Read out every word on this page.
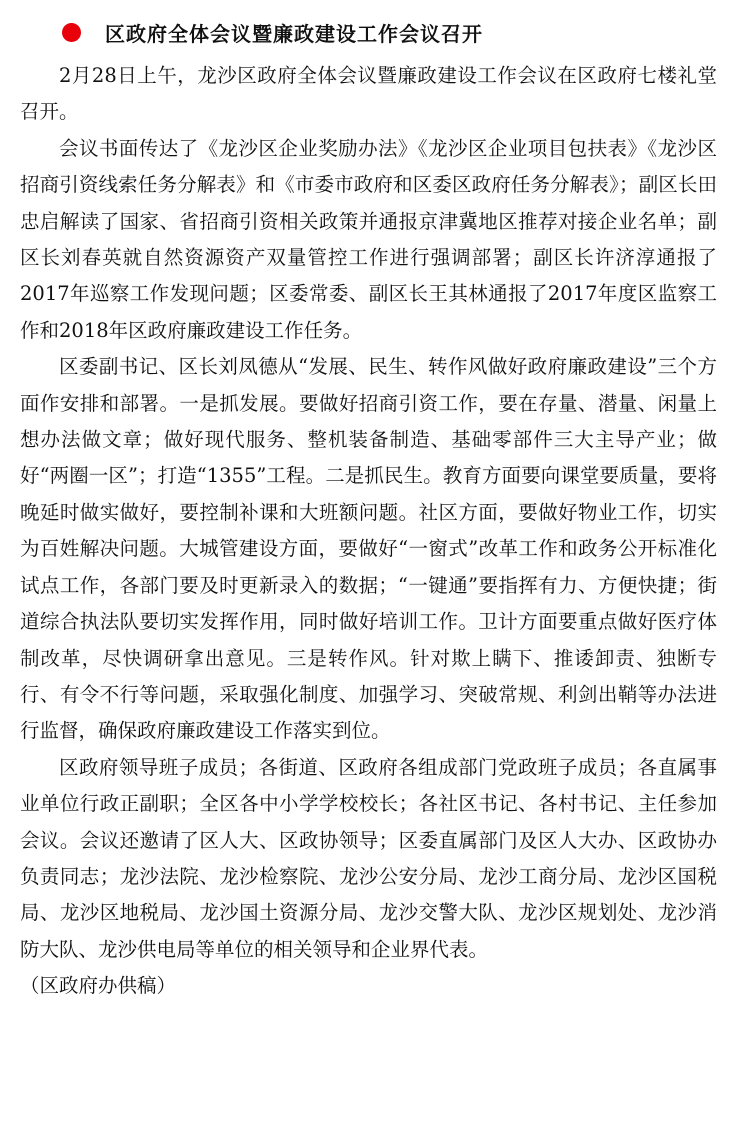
区政府全体会议暨廉政建设工作会议召开

2月28日上午，龙沙区政府全体会议暨廉政建设工作会议在区政府七楼礼堂召开。

会议书面传达了《龙沙区企业奖励办法》《龙沙区企业项目包扶表》《龙沙区招商引资线索任务分解表》和《市委市政府和区委区政府任务分解表》；副区长田忠启解读了国家、省招商引资相关政策并通报京津冀地区推荐对接企业名单；副区长刘春英就自然资源资产双量管控工作进行强调部署；副区长许济淳通报了2017年巡察工作发现问题；区委常委、副区长王其林通报了2017年度区监察工作和2018年区政府廉政建设工作任务。

区委副书记、区长刘凤德从“发展、民生、转作风做好政府廉政建设”三个方面作安排和部署。一是抓发展。要做好招商引资工作，要在存量、潜量、闲量上想办法做文章；做好现代服务、整机装备制造、基础零部件三大主导产业；做好“两圈一区”；打造“1355”工程。二是抓民生。教育方面要向课堂要质量，要将晚延时做实做好，要控制补课和大班额问题。社区方面，要做好物业工作，切实为百姓解决问题。大城管建设方面，要做好“一窗式”改革工作和政务公开标准化试点工作，各部门要及时更新录入的数据；“一键通”要指挥有力、方便快捷；街道综合执法队要切实发挥作用，同时做好培训工作。卫计方面要重点做好医疗体制改革，尽快调研拿出意见。三是转作风。针对欺上瞒下、推诿卸责、独断专行、有令不行等问题，采取强化制度、加强学习、突破常规、利剑出鞘等办法进行监督，确保政府廉政建设工作落实到位。

区政府领导班子成员；各街道、区政府各组成部门党政班子成员；各直属事业单位行政正副职；全区各中小学学校校长；各社区书记、各村书记、主任参加会议。会议还邀请了区人大、区政协领导；区委直属部门及区人大办、区政协办负责同志；龙沙法院、龙沙检察院、龙沙公安分局、龙沙工商分局、龙沙区国税局、龙沙区地税局、龙沙国土资源分局、龙沙交警大队、龙沙区规划处、龙沙消防大队、龙沙供电局等单位的相关领导和企业界代表。

（区政府办供稿）
